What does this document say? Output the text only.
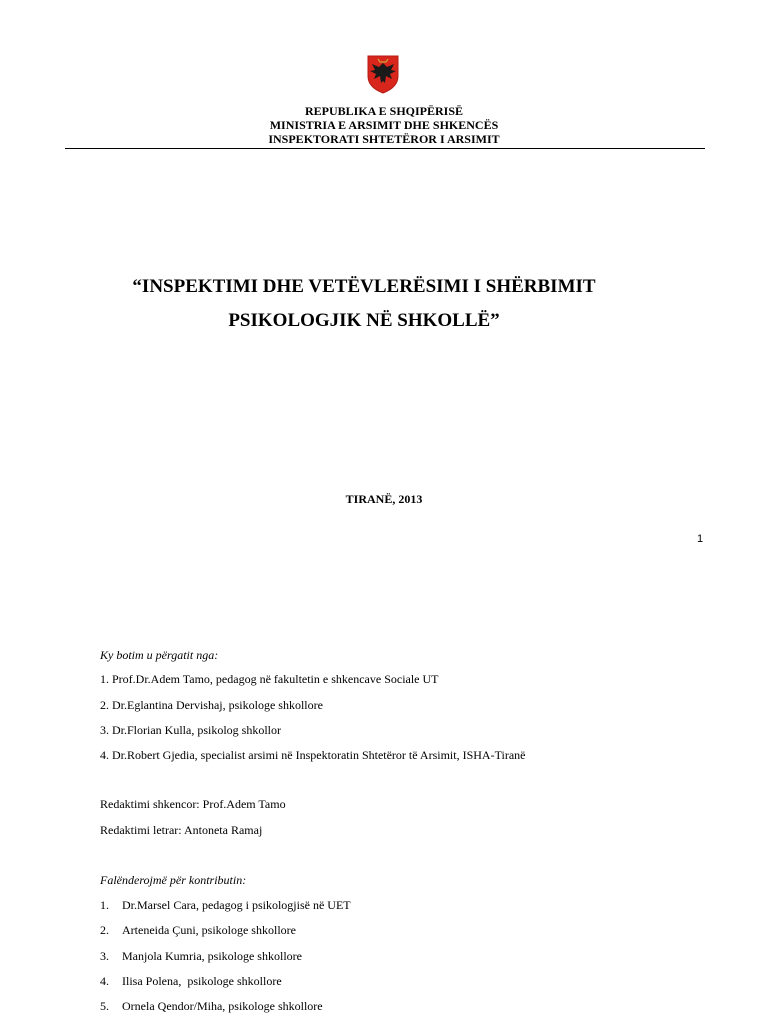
REPUBLIKA E SHQIPËRISË
MINISTRIA E ARSIMIT DHE SHKENCËS
INSPEKTORATI SHTETËROR I ARSIMIT
“INSPEKTIMI DHE VETËVLERËSIMI I SHËRBIMIT
PSIKOLOGJIK NË SHKOLLË”
TIRANË, 2013
1
Ky botim u përgatit nga:
1. Prof.Dr.Adem Tamo, pedagog në fakultetin e shkencave Sociale UT
2. Dr.Eglantina Dervishaj, psikologe shkollore
3. Dr.Florian Kulla, psikolog shkollor
4. Dr.Robert Gjedia, specialist arsimi në Inspektoratin Shtetëror të Arsimit, ISHA-Tiranë
Redaktimi shkencor: Prof.Adem Tamo
Redaktimi letrar: Antoneta Ramaj
Falënderojmë për kontributin:
1. Dr.Marsel Cara, pedagog i psikologjisë në UET
2. Arteneida Çuni, psikologe shkollore
3. Manjola Kumria, psikologe shkollore
4. Ilisa Polena,  psikologe shkollore
5. Ornela Qendor/Miha, psikologe shkollore
